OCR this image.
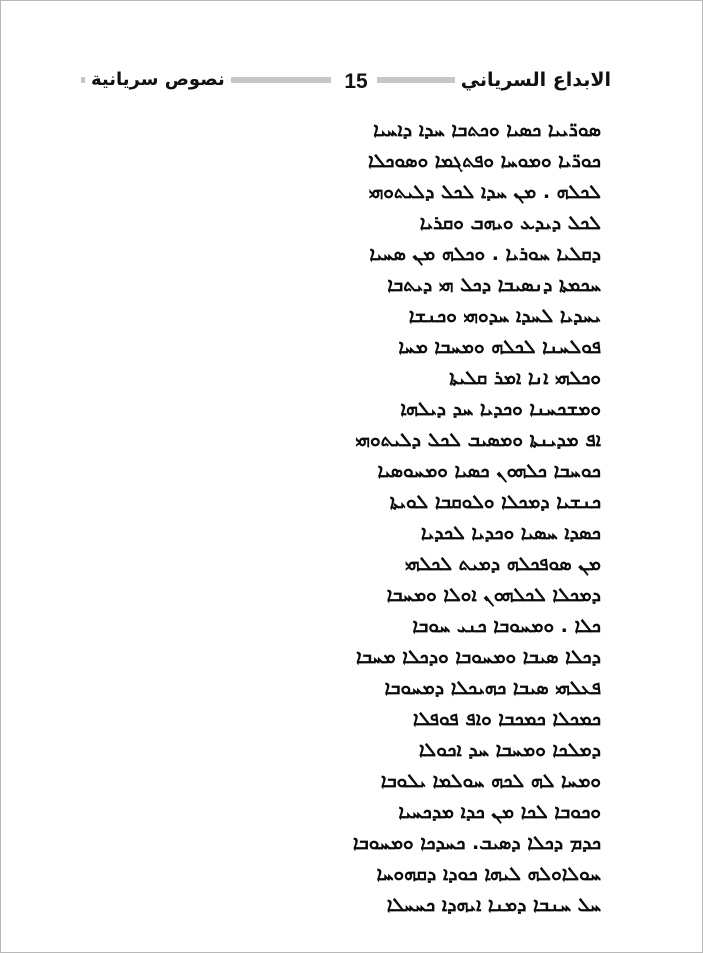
نصوص سريانية	15	الابداع السرياني
ܣܘܪ̈ܝܝܐ ܟܣܝܐ ܘܟܬܒܐ ܚܕܐ ܕܐܚܝܐ
ܟܘܪ̈ܝܐ ܘܡܘܚܐ ܘܦܬܓܡܐ ܘܣܘܟܠܐ
ܠܟܠܗ . ܡܢ ܚܕܐ ܠܟܠ ܕܠܝܬܘܗܝ
ܠܟܠ ܕܝܕܥ ܘܝܗܒ ܘܩܪܝܐ
ܕܩܠܝܐ ܚܘܪܝܐ . ܘܟܠܗ ܡܢ ܣܚܝܐ
ܚܟܡܬܐ ܕܢܣܝܒܐ ܕܟܠ ܗܝ ܕܝܬܒܐ
ܝܚܕܝܐ ܠܚܕܐ ܚܕܘܗܝ ܘܟܢܫܐ
ܦܘܠܚܢܐ ܠܟܠܗ ܘܡܚܒܐ ܡܚܐ
ܘܟܠܗܝ ܐܢܐ ܐܡܪ ܩܠܝܬܐ
ܘܡܫܟܚܢܐ ܘܟܕܝܐ ܚܕ ܕܝܠܗܐ
ܐܦ ܡܕܝܢܬܐ ܘܡܣܝܒ ܠܟܠ ܕܠܝܬܘܗܝ
ܟܘܚܒܐ ܟܠܗܘܢ ܟܣܝܐ ܘܡܚܘܣܝܐ
ܟܢܫܝܐ ܕܡܟܠܐ ܘܠܘܩܒܐ ܠܘܝܬܐ
ܟܣܕܐ ܚܣܝܐ ܘܟܕܝܐ ܠܟܕܝܐ
ܡܢ ܣܘܦܟܠܗ ܕܡܝܬ ܠܟܠܗܝ
ܕܡܟܠܐ ܠܟܠܗܘܢ ܐܘܠܐ ܘܡܚܒܐ
ܟܠܐ . ܘܡܚܘܒܐ ܟܢܝ ܚܘܒܐ
ܕܟܠܐ ܣܝܒܐ ܘܡܚܘܒܐ ܘܕܟܠܐ ܡܚܒܐ
ܦܥܠܗܝ ܣܝܒܐ ܟܗܝܟܠܐ ܕܡܚܘܒܐ
ܟܡܟܠܐ ܟܡܟܒܐ ܘܐܦ ܦܘܦܠܐ
ܕܡܠܟܐ ܘܡܚܒܐ ܚܕ ܐܟܘܠܐ
ܘܡܚܐ ܠܗ ܠܟܗ ܚܘܠܡܐ ܝܠܘܒܐ
ܘܟܘܒܐ ܠܟܐ ܡܢ ܟܕܐ ܡܕܟܚܝܐ
ܟܕܡ ܕܟܠܐ ܕܣܝܒ. ܟܚܕܟܐ ܘܡܚܘܒܐ
ܚܘܠܐܘܠܗ ܠܝܗܐ ܟܘܕܐ ܕܩܗܘܚܐ
ܚܠ ܚܢܒܐ ܕܡܢܐ ܐܝܗܕܐ ܟܚܚܠܐ
